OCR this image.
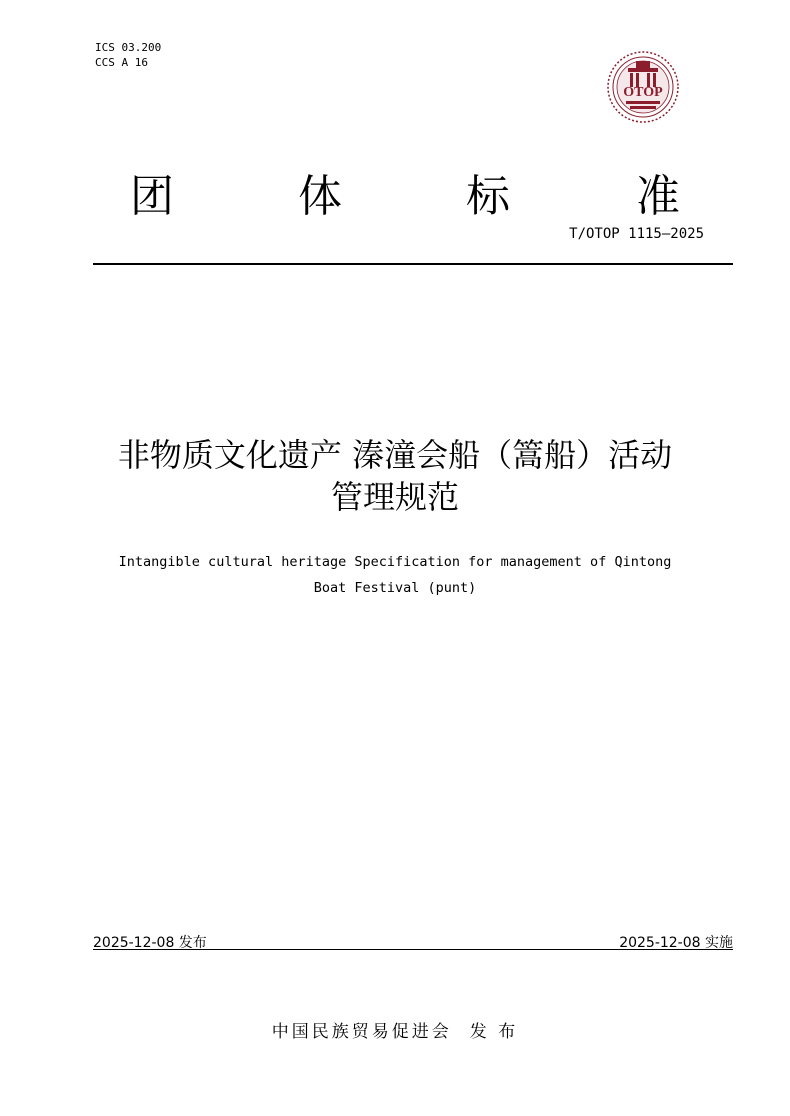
ICS 03.200
CCS A 16
OTOP
团	体	标	准
T/OTOP 1115—2025
非物质文化遗产 溱潼会船（篙船）活动
管理规范
Intangible cultural heritage Specification for management of Qintong
Boat Festival (punt)
2025-12-08 发布	2025-12-08 实施
中国民族贸易促进会 发 布
